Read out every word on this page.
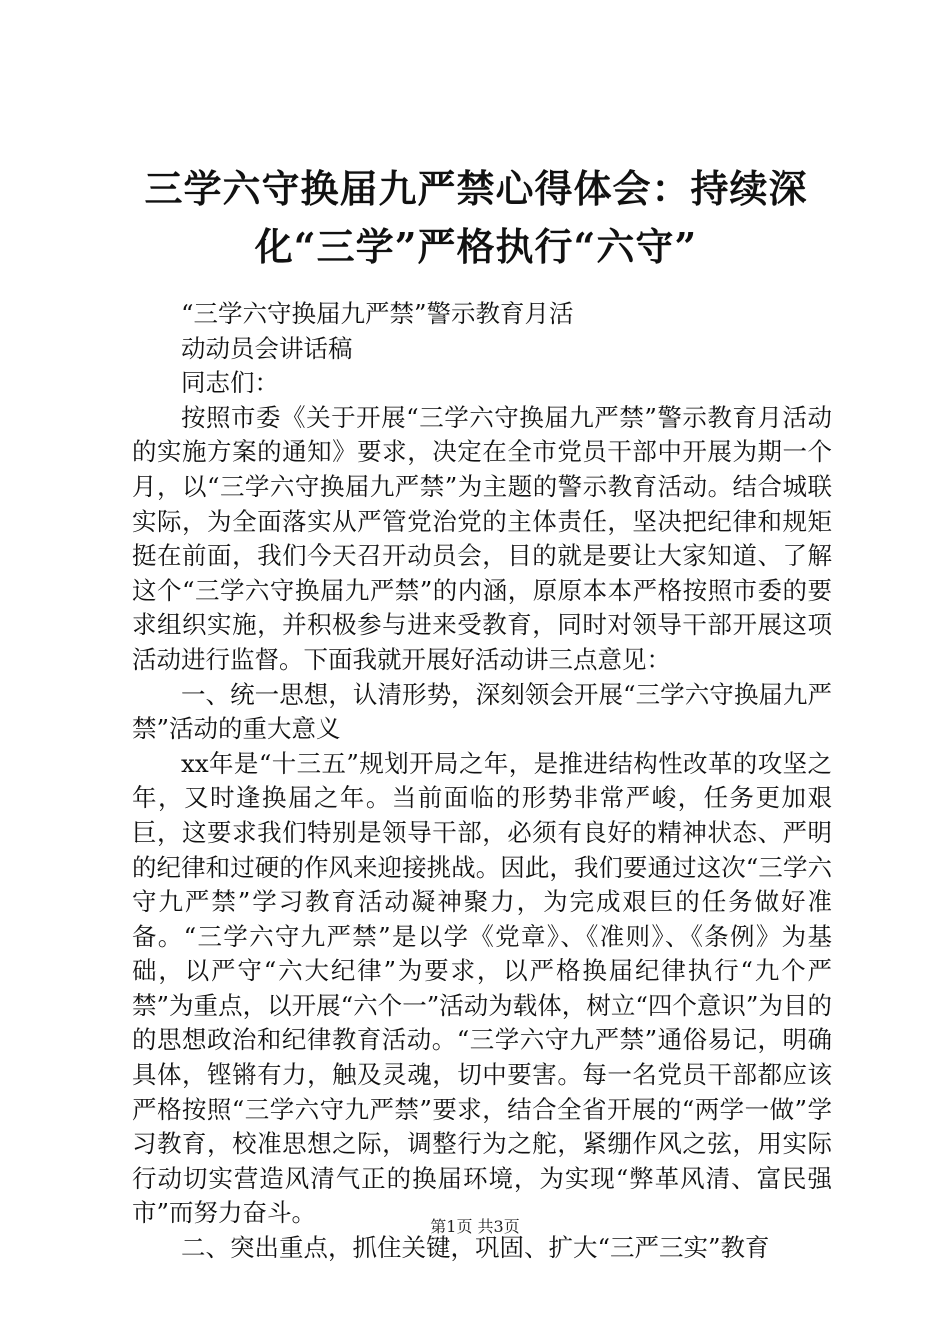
三学六守换届九严禁心得体会：持续深化“三学”严格执行“六守”

“三学六守换届九严禁”警示教育月活

动动员会讲话稿

同志们：

按照市委《关于开展“三学六守换届九严禁”警示教育月活动的实施方案的通知》要求，决定在全市党员干部中开展为期一个月，以“三学六守换届九严禁”为主题的警示教育活动。结合城联实际，为全面落实从严管党治党的主体责任，坚决把纪律和规矩挺在前面，我们今天召开动员会，目的就是要让大家知道、了解这个“三学六守换届九严禁”的内涵，原原本本严格按照市委的要求组织实施，并积极参与进来受教育，同时对领导干部开展这项活动进行监督。下面我就开展好活动讲三点意见：

一、统一思想，认清形势，深刻领会开展“三学六守换届九严禁”活动的重大意义

xx年是“十三五”规划开局之年，是推进结构性改革的攻坚之年，又时逢换届之年。当前面临的形势非常严峻，任务更加艰巨，这要求我们特别是领导干部，必须有良好的精神状态、严明的纪律和过硬的作风来迎接挑战。因此，我们要通过这次“三学六守九严禁”学习教育活动凝神聚力，为完成艰巨的任务做好准备。“三学六守九严禁”是以学《党章》、《准则》、《条例》为基础，以严守“六大纪律”为要求，以严格换届纪律执行“九个严禁”为重点，以开展“六个一”活动为载体，树立“四个意识”为目的的思想政治和纪律教育活动。“三学六守九严禁”通俗易记，明确具体，铿锵有力，触及灵魂，切中要害。每一名党员干部都应该严格按照“三学六守九严禁”要求，结合全省开展的“两学一做”学习教育，校准思想之际，调整行为之舵，紧绷作风之弦，用实际行动切实营造风清气正的换届环境，为实现“弊革风清、富民强市”而努力奋斗。

二、突出重点，抓住关键，巩固、扩大“三严三实”教育

第1页 共3页
